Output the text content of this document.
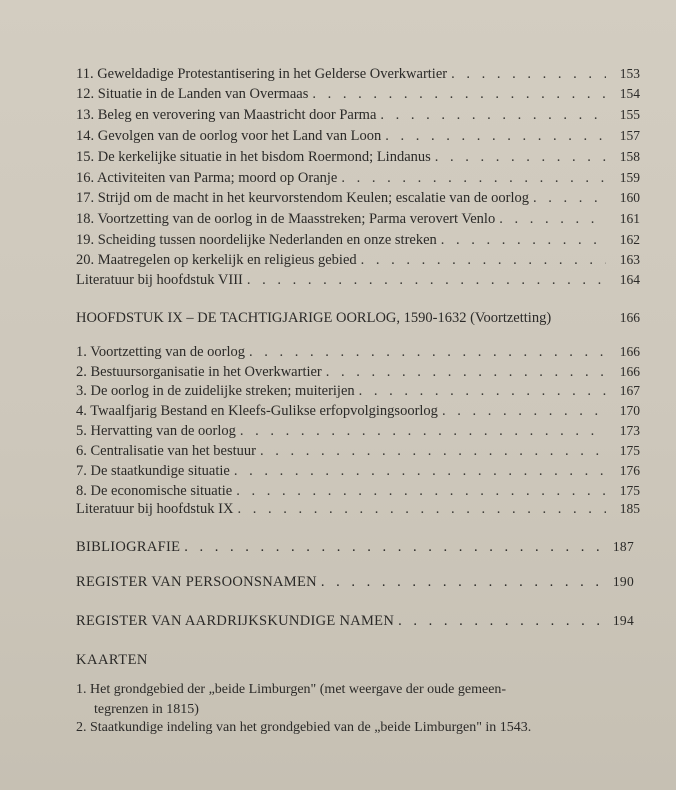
11. Geweldadige Protestantisering in het Gelderse Overkwartier . . .	153
12. Situatie in de Landen van Overmaas . . .	154
13. Beleg en verovering van Maastricht door Parma . . .	155
14. Gevolgen van de oorlog voor het Land van Loon . . .	157
15. De kerkelijke situatie in het bisdom Roermond; Lindanus . . .	158
16. Activiteiten van Parma; moord op Oranje . . .	159
17. Strijd om de macht in het keurvorstendom Keulen; escalatie van de oorlog . . .	160
18. Voortzetting van de oorlog in de Maasstreken; Parma verovert Venlo . . .	161
19. Scheiding tussen noordelijke Nederlanden en onze streken . . .	162
20. Maatregelen op kerkelijk en religieus gebied . . .	163
Literatuur bij hoofdstuk VIII . . .	164
HOOFDSTUK IX – DE TACHTIGJARIGE OORLOG, 1590-1632 (Voortzetting)	166
1. Voortzetting van de oorlog . . .	166
2. Bestuursorganisatie in het Overkwartier . . .	166
3. De oorlog in de zuidelijke streken; muiterijen . . .	167
4. Twaalfjarig Bestand en Kleefs-Gulikse erfopvolgingsoorlog . . .	170
5. Hervatting van de oorlog . . .	173
6. Centralisatie van het bestuur . . .	175
7. De staatkundige situatie . . .	176
8. De economische situatie . . .	175
Literatuur bij hoofdstuk IX . . .	185
BIBLIOGRAFIE . . .	187
REGISTER VAN PERSOONSNAMEN . . .	190
REGISTER VAN AARDRIJKSKUNDIGE NAMEN . . .	194
KAARTEN
1. Het grondgebied der „beide Limburgen" (met weergave der oude gemeen-
tegrenzen in 1815)
2. Staatkundige indeling van het grondgebied van de „beide Limburgen" in 1543.
